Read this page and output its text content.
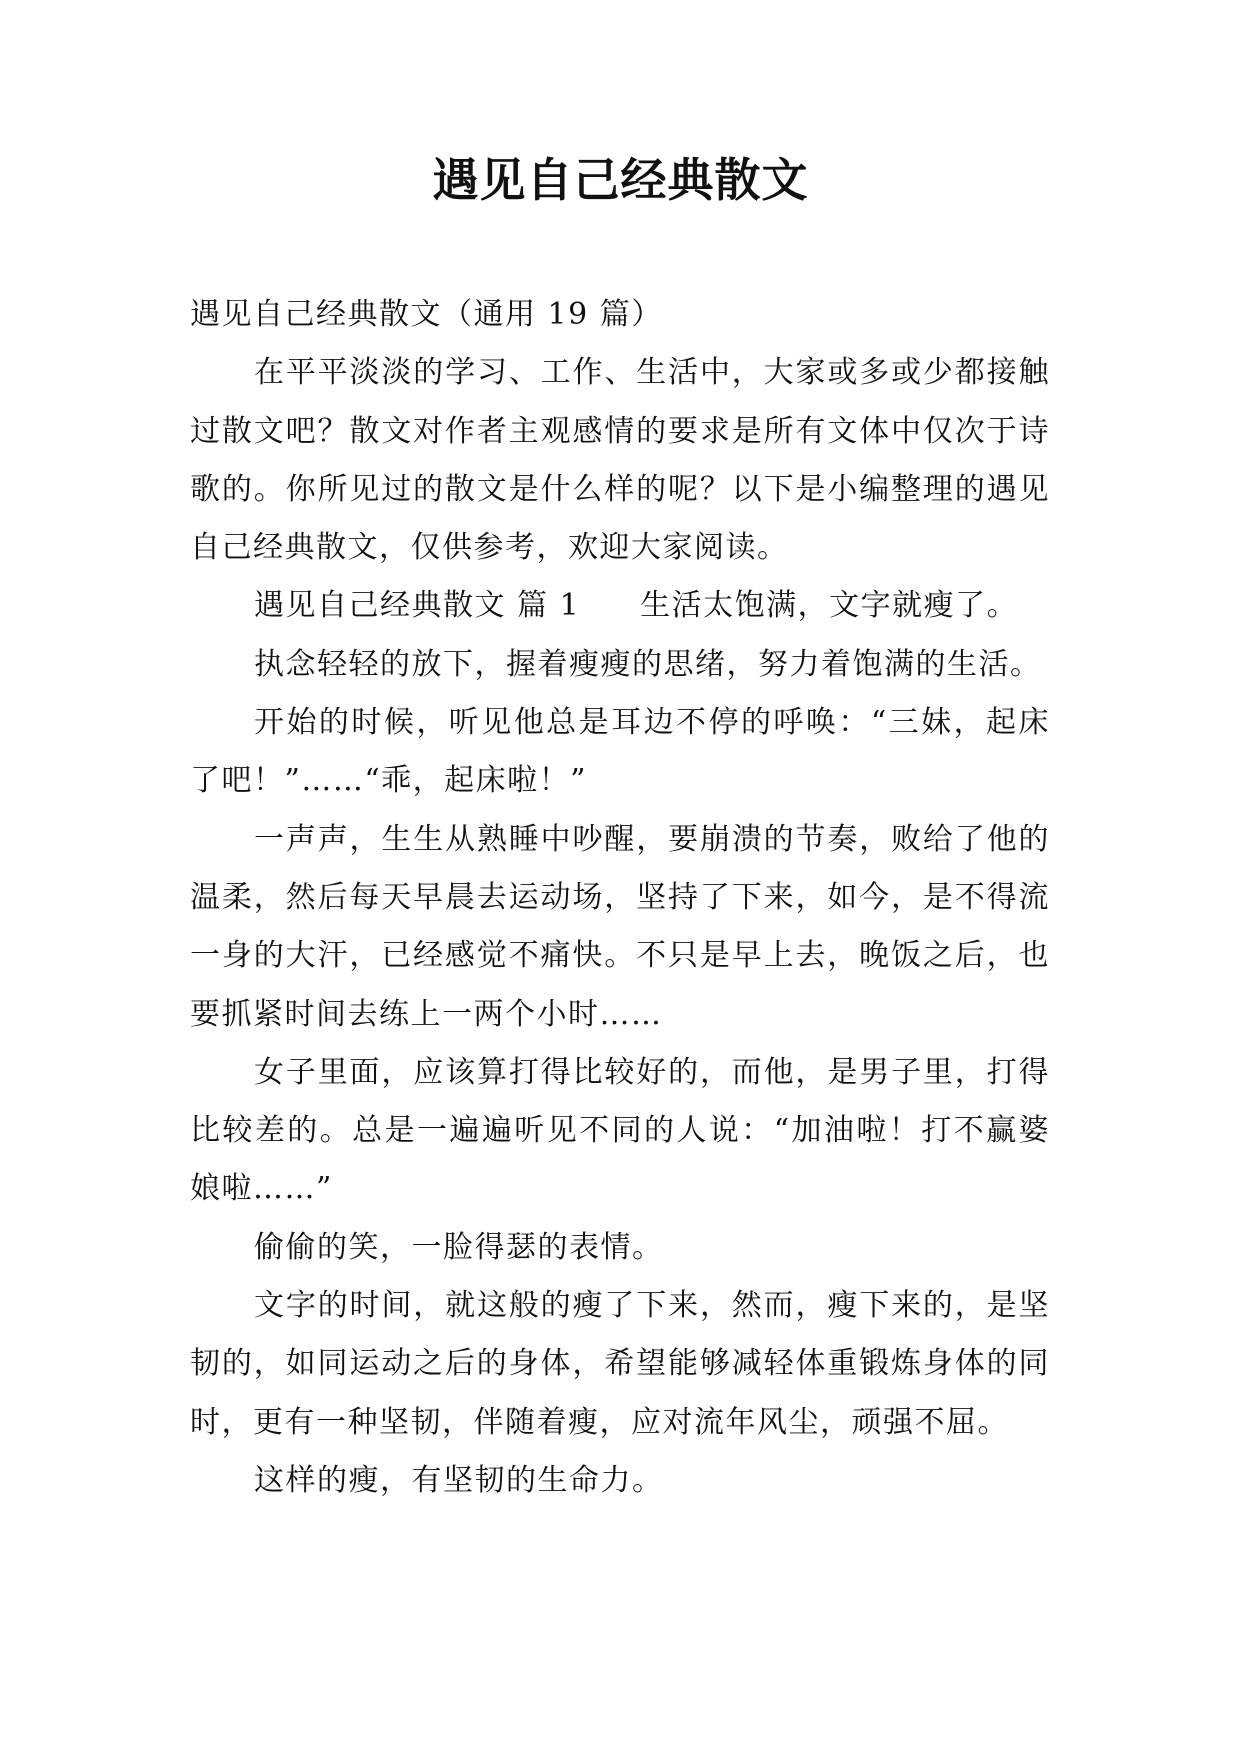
遇见自己经典散文

遇见自己经典散文（通用 19 篇）

在平平淡淡的学习、工作、生活中，大家或多或少都接触过散文吧？散文对作者主观感情的要求是所有文体中仅次于诗歌的。你所见过的散文是什么样的呢？以下是小编整理的遇见自己经典散文，仅供参考，欢迎大家阅读。

遇见自己经典散文 篇 1 生活太饱满，文字就瘦了。

执念轻轻的放下，握着瘦瘦的思绪，努力着饱满的生活。

开始的时候，听见他总是耳边不停的呼唤：“三妹，起床了吧！”……“乖，起床啦！”

一声声，生生从熟睡中吵醒，要崩溃的节奏，败给了他的温柔，然后每天早晨去运动场，坚持了下来，如今，是不得流一身的大汗，已经感觉不痛快。不只是早上去，晚饭之后，也要抓紧时间去练上一两个小时……

女子里面，应该算打得比较好的，而他，是男子里，打得比较差的。总是一遍遍听见不同的人说：“加油啦！打不赢婆娘啦……”

偷偷的笑，一脸得瑟的表情。

文字的时间，就这般的瘦了下来，然而，瘦下来的，是坚韧的，如同运动之后的身体，希望能够减轻体重锻炼身体的同时，更有一种坚韧，伴随着瘦，应对流年风尘，顽强不屈。

这样的瘦，有坚韧的生命力。
